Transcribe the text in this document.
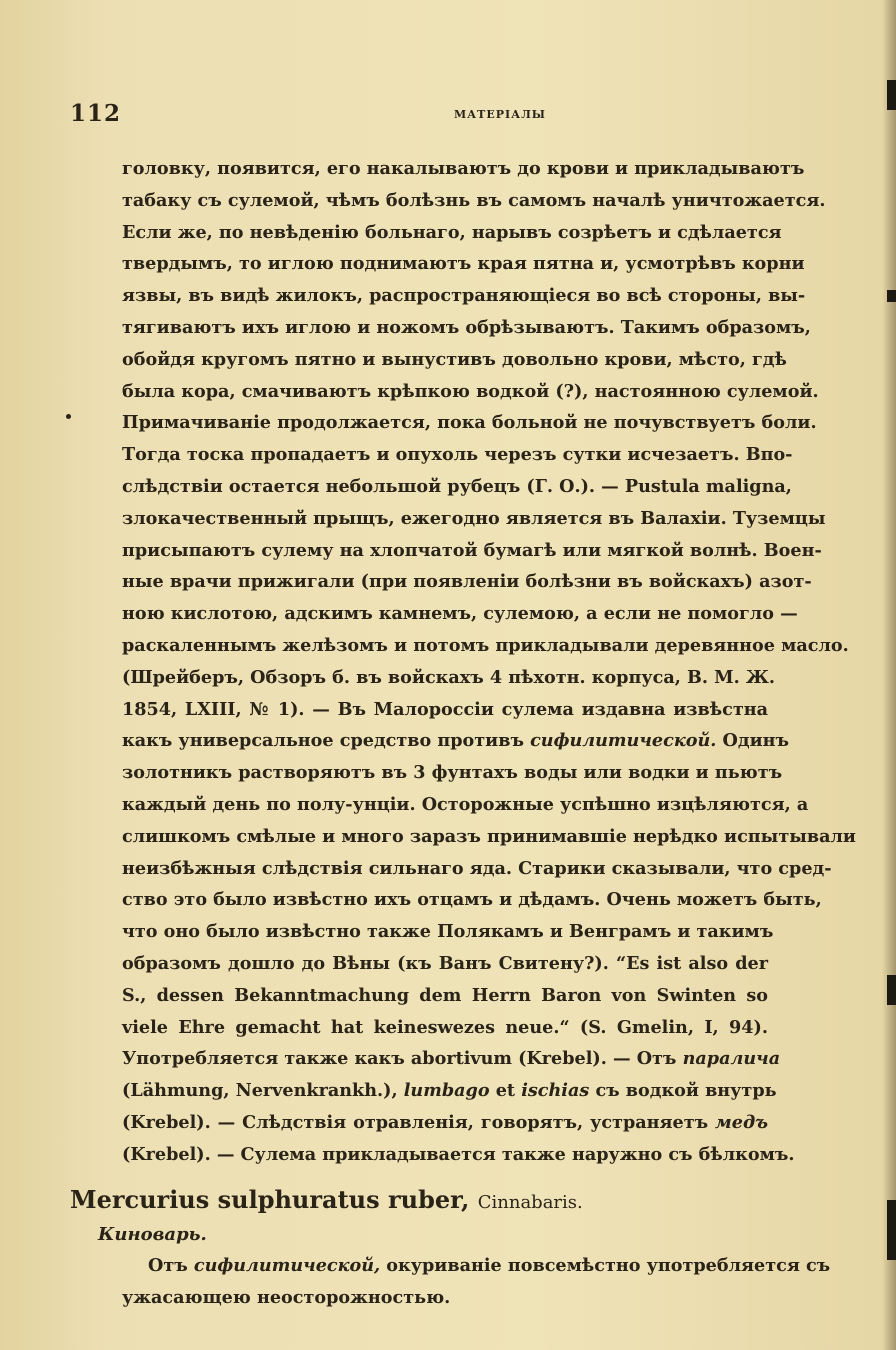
112	МАТЕРIАЛЫ
головку, появится, его накалываютъ до крови и прикладываютъ
табаку съ сулемой, чѣмъ болѣзнь въ самомъ началѣ уничтожается.
Если же, по невѣденію больнаго, нарывъ созрѣетъ и сдѣлается
твердымъ, то иглою поднимаютъ края пятна и, усмотрѣвъ корни
язвы, въ видѣ жилокъ, распространяющiеся во всѣ стороны, вы-
тягиваютъ ихъ иглою и ножомъ обрѣзываютъ. Такимъ образомъ,
обойдя кругомъ пятно и вынустивъ довольно крови, мѣсто, гдѣ
была кора, смачиваютъ крѣпкою водкой (?), настоянною сулемой.
Примачиванiе продолжается, пока больной не почувствуетъ боли.
Тогда тоска пропадаетъ и опухоль черезъ сутки исчезаетъ. Впо-
слѣдствiи остается небольшой рубецъ (Г. О.). — Pustula maligna,
злокачественный прыщъ, ежегодно является въ Валахiи. Туземцы
присыпаютъ сулему на хлопчатой бумагѣ или мягкой волнѣ. Воен-
ные врачи прижигали (при появленiи болѣзни въ войскахъ) азот-
ною кислотою, адскимъ камнемъ, сулемою, а если не помогло —
раскаленнымъ желѣзомъ и потомъ прикладывали деревянное масло.
(Шрейберъ, Обзоръ б. въ войскахъ 4 пѣхотн. корпуса, В. М. Ж.
1854, LXIII, № 1). — Въ Малороссiи сулема издавна извѣстна
какъ универсальное средство противъ сифилитической. Одинъ
золотникъ растворяютъ въ 3 фунтахъ воды или водки и пьютъ
каждый день по полу-унцiи. Осторожные успѣшно изцѣляются, а
слишкомъ смѣлые и много заразъ принимавшiе нерѣдко испытывали
неизбѣжныя слѣдствiя сильнаго яда. Старики сказывали, что сред-
ство это было извѣстно ихъ отцамъ и дѣдамъ. Очень можетъ быть,
что оно было извѣстно также Полякамъ и Венграмъ и такимъ
образомъ дошло до Вѣны (къ Ванъ Свитену?). “Es ist also der
S., dessen Bekanntmachung dem Herrn Baron von Swinten so
viele Ehre gemacht hat keineswezes neue.“ (S. Gmelin, I, 94).
Употребляется также какъ abortivum (Krebel). — Отъ паралича
(Lähmung, Nervenkrankh.), lumbago et ischias съ водкой внутрь
(Krebel). — Слѣдствiя отравленiя, говорятъ, устраняетъ медъ
(Krebel). — Сулема прикладывается также наружно съ бѣлкомъ.
Mercurius sulphuratus ruber, Cinnabaris.
Киноварь.
Отъ сифилитической, окуриванiе повсемѣстно употребляется съ
ужасающею неосторожностью.
